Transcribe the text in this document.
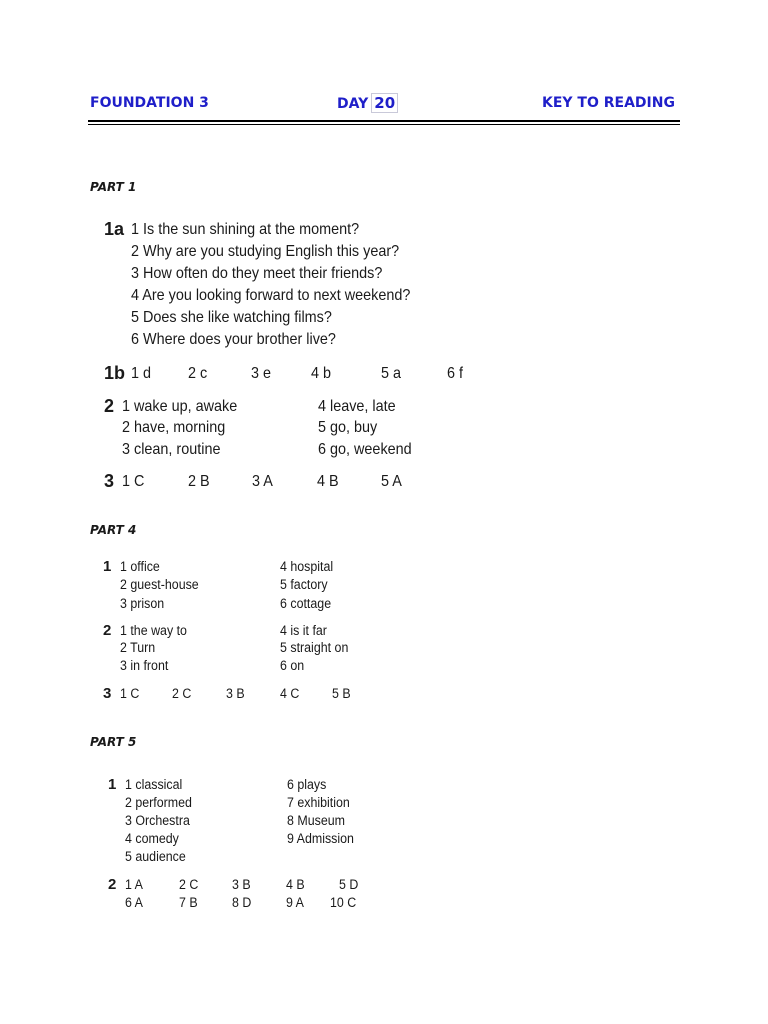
FOUNDATION 3	DAY 20	KEY TO READING
PART 1
1a 1 Is the sun shining at the moment?
2 Why are you studying English this year?
3 How often do they meet their friends?
4 Are you looking forward to next weekend?
5 Does she like watching films?
6 Where does your brother live?
1b 1 d 2 c	3 e 4 b	5 a	6 f
2 1 wake up, awake
2 have, morning
3 clean, routine
4 leave, late
5 go, buy
6 go, weekend
3 1 C	2 B	3 A	4 B	5 A
PART 4
1 1 office
2 guest-house
3 prison
4 hospital
5 factory
6 cottage
2 1 the way to
2 Turn
3 in front
4 is it far
5 straight on
6 on
3 1 C 2 C	3 B	4 C 5 B
PART 5
1 1 classical
2 performed
3 Orchestra
4 comedy
5 audience
6 plays
7 exhibition
8 Museum
9 Admission
2 1 A	2 C 3 B	4 B	5 D
6 A	7 B	8 D	9 A 10 C
